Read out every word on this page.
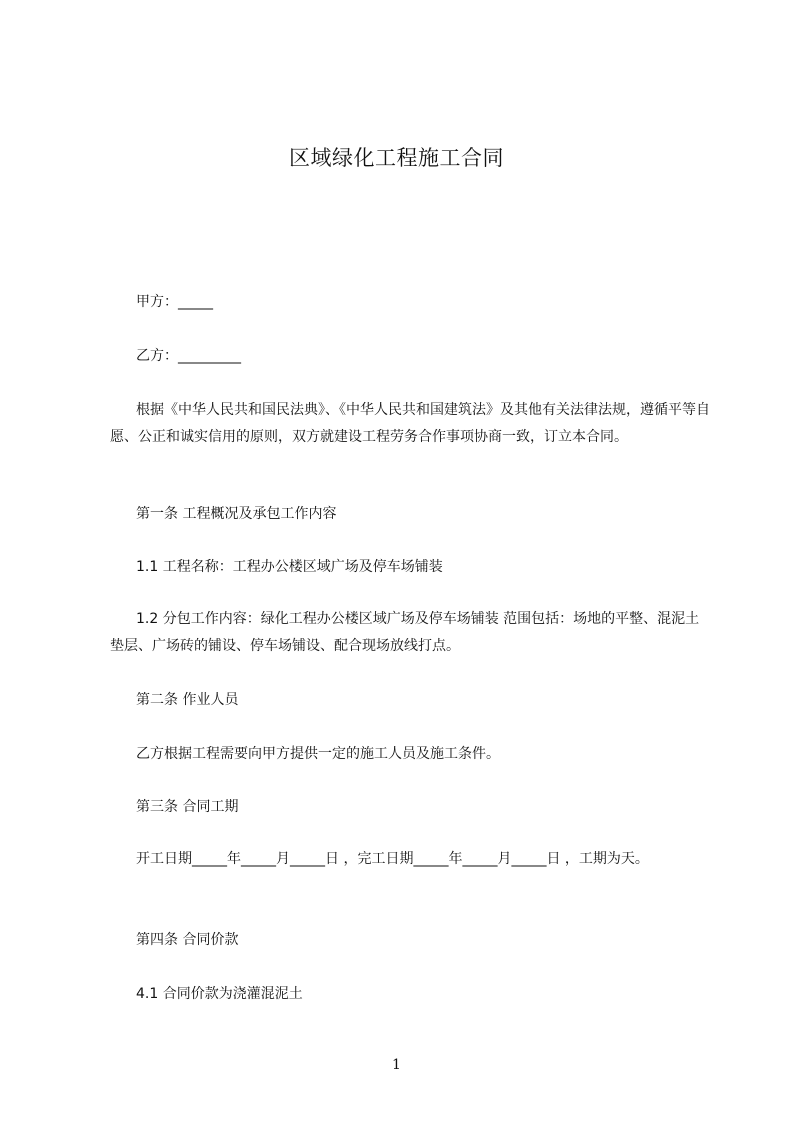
区域绿化工程施工合同
甲方：_____
乙方：_________
根据《中华人民共和国民法典》、《中华人民共和国建筑法》及其他有关法律法规，遵循平等自愿、公正和诚实信用的原则，双方就建设工程劳务合作事项协商一致，订立本合同。
第一条 工程概况及承包工作内容
1.1 工程名称：工程办公楼区域广场及停车场铺装
1.2 分包工作内容：绿化工程办公楼区域广场及停车场铺装 范围包括：场地的平整、混泥土垫层、广场砖的铺设、停车场铺设、配合现场放线打点。
第二条 作业人员
乙方根据工程需要向甲方提供一定的施工人员及施工条件。
第三条 合同工期
开工日期_____年_____月_____日 ，完工日期_____年_____月_____日 ，工期为天。
第四条 合同价款
4.1 合同价款为浇灌混泥土
1
